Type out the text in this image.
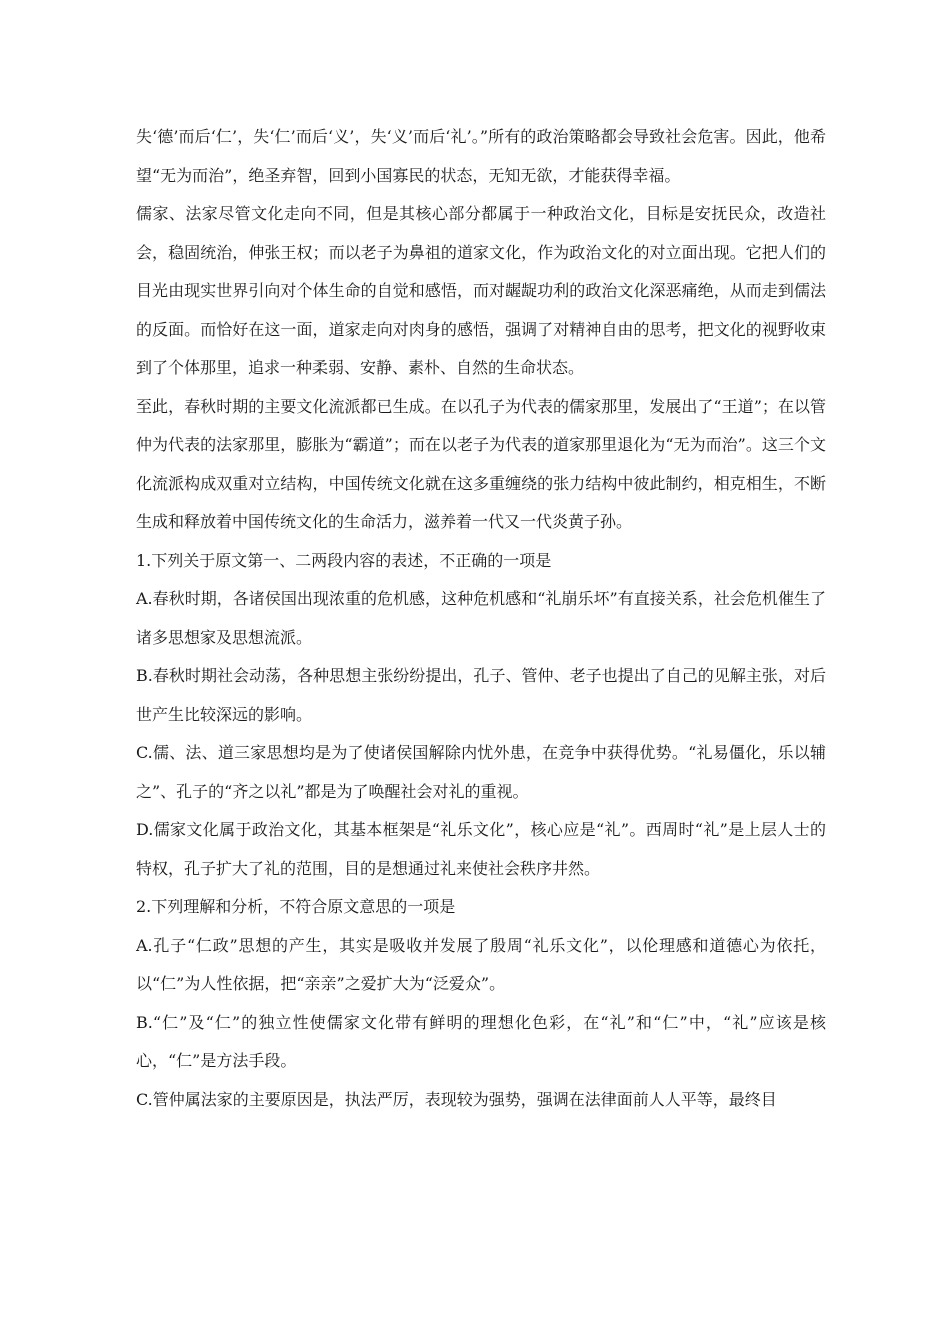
失‘德’而后‘仁’，失‘仁’而后‘义’，失‘义’而后‘礼’。”所有的政治策略都会导致社会危害。因此，他希望“无为而治”，绝圣弃智，回到小国寡民的状态，无知无欲，才能获得幸福。

儒家、法家尽管文化走向不同，但是其核心部分都属于一种政治文化，目标是安抚民众，改造社会，稳固统治，伸张王权；而以老子为鼻祖的道家文化，作为政治文化的对立面出现。它把人们的目光由现实世界引向对个体生命的自觉和感悟，而对龌龊功利的政治文化深恶痛绝，从而走到儒法的反面。而恰好在这一面，道家走向对肉身的感悟，强调了对精神自由的思考，把文化的视野收束到了个体那里，追求一种柔弱、安静、素朴、自然的生命状态。

至此，春秋时期的主要文化流派都已生成。在以孔子为代表的儒家那里，发展出了“王道”；在以管仲为代表的法家那里，膨胀为“霸道”；而在以老子为代表的道家那里退化为“无为而治”。这三个文化流派构成双重对立结构，中国传统文化就在这多重缠绕的张力结构中彼此制约，相克相生，不断生成和释放着中国传统文化的生命活力，滋养着一代又一代炎黄子孙。

1.下列关于原文第一、二两段内容的表述，不正确的一项是

A.春秋时期，各诸侯国出现浓重的危机感，这种危机感和“礼崩乐坏”有直接关系，社会危机催生了诸多思想家及思想流派。

B.春秋时期社会动荡，各种思想主张纷纷提出，孔子、管仲、老子也提出了自己的见解主张，对后世产生比较深远的影响。

C.儒、法、道三家思想均是为了使诸侯国解除内忧外患，在竞争中获得优势。“礼易僵化，乐以辅之”、孔子的“齐之以礼”都是为了唤醒社会对礼的重视。

D.儒家文化属于政治文化，其基本框架是“礼乐文化”，核心应是“礼”。西周时“礼”是上层人士的特权，孔子扩大了礼的范围，目的是想通过礼来使社会秩序井然。

2.下列理解和分析，不符合原文意思的一项是

A.孔子“仁政”思想的产生，其实是吸收并发展了殷周“礼乐文化”，以伦理感和道德心为依托，以“仁”为人性依据，把“亲亲”之爱扩大为“泛爱众”。

B.“仁”及“仁”的独立性使儒家文化带有鲜明的理想化色彩，在“礼”和“仁”中，“礼”应该是核心，“仁”是方法手段。

C.管仲属法家的主要原因是，执法严厉，表现较为强势，强调在法律面前人人平等，最终目
